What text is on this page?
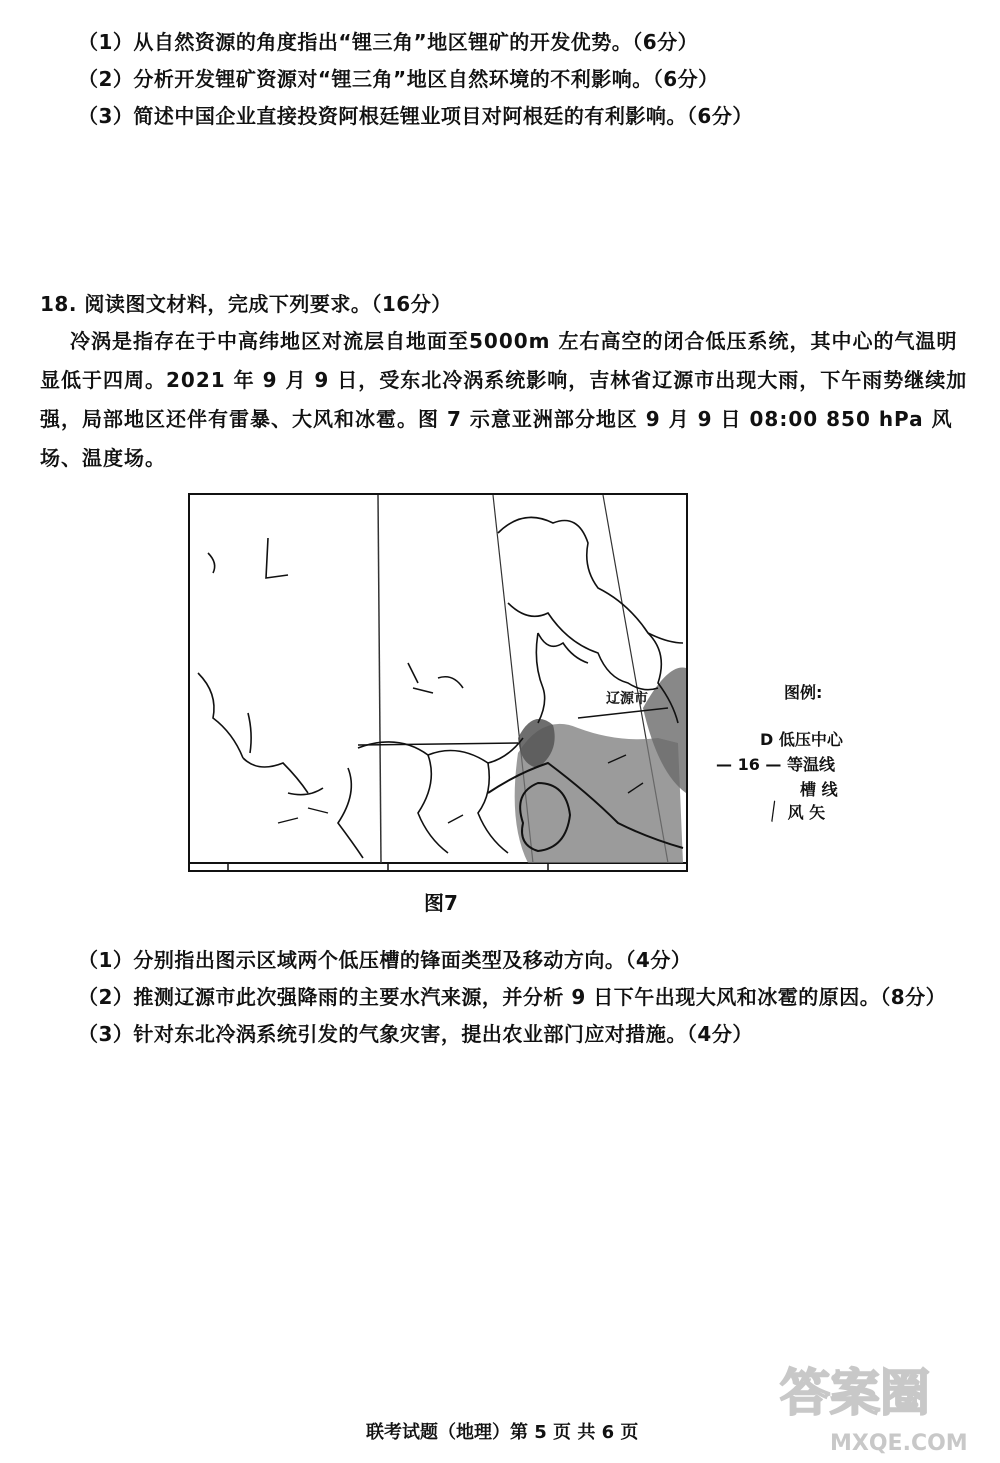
（1）从自然资源的角度指出“锂三角”地区锂矿的开发优势。（6分）
（2）分析开发锂矿资源对“锂三角”地区自然环境的不利影响。（6分）
（3）简述中国企业直接投资阿根廷锂业项目对阿根廷的有利影响。（6分）
18. 阅读图文材料，完成下列要求。（16分）
冷涡是指存在于中高纬地区对流层自地面至5000m 左右高空的闭合低压系统，其中心的气温明显低于四周。2021 年 9 月 9 日，受东北冷涡系统影响，吉林省辽源市出现大雨，下午雨势继续加强，局部地区还伴有雷暴、大风和冰雹。图 7 示意亚洲部分地区 9 月 9 日 08:00 850 hPa 风场、温度场。
辽源市	图例:
D 低压中心
— 16 — 等温线
槽 线
╲ 风 矢
图7
（1）分别指出图示区域两个低压槽的锋面类型及移动方向。（4分）
（2）推测辽源市此次强降雨的主要水汽来源，并分析 9 日下午出现大风和冰雹的原因。（8分）
（3）针对东北冷涡系统引发的气象灾害，提出农业部门应对措施。（4分）
联考试题（地理）第 5 页 共 6 页
答案圈
MXQE.COM
